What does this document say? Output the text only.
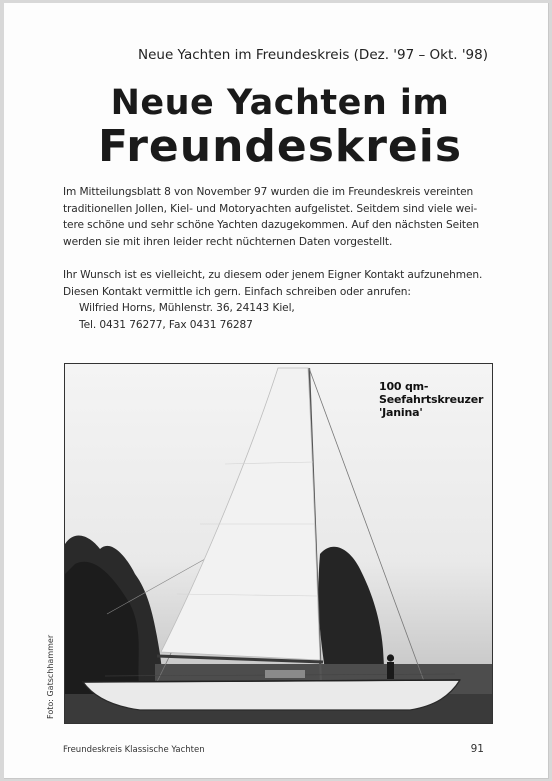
Neue Yachten im Freundeskreis (Dez. '97 – Okt. '98)
Neue Yachten im
Freundeskreis
Im Mitteilungsblatt 8 von November 97 wurden die im Freundeskreis vereinten
traditionellen Jollen, Kiel- und Motoryachten aufgelistet. Seitdem sind viele wei-
tere schöne und sehr schöne Yachten dazugekommen. Auf den nächsten Seiten
werden sie mit ihren leider recht nüchternen Daten vorgestellt.
Ihr Wunsch ist es vielleicht, zu diesem oder jenem Eigner Kontakt aufzunehmen.
Diesen Kontakt vermittle ich gern. Einfach schreiben oder anrufen:
Wilfried Horns, Mühlenstr. 36, 24143 Kiel,
Tel. 0431 76277, Fax 0431 76287
100 qm-
Seefahrtskreuzer
'Janina'
Foto: Gatschhammer
Freundeskreis Klassische Yachten	91
